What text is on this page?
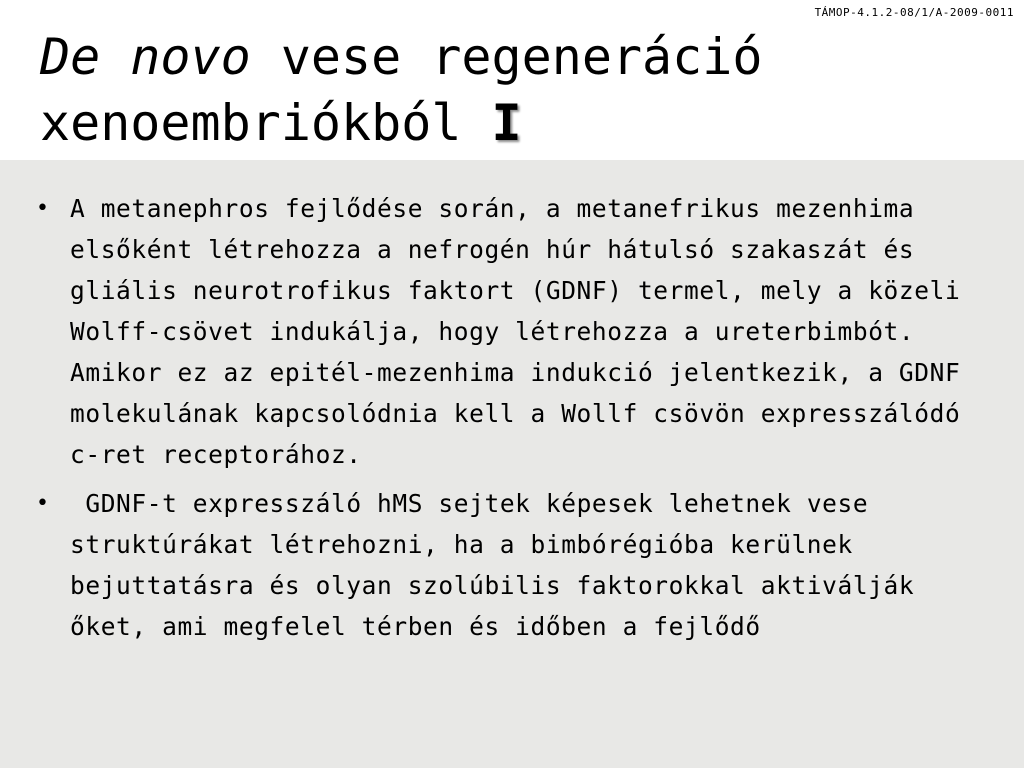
TÁMOP-4.1.2-08/1/A-2009-0011
De novo vese regeneráció
xenoembriókból I
• A metanephros fejlődése során, a metanefrikus mezenhima elsőként létrehozza a nefrogén húr hátulsó szakaszát és gliális neurotrofikus faktort (GDNF) termel, mely a közeli Wolff-csövet indukálja, hogy létrehozza a ureterbimbót. Amikor ez az epitél-mezenhima indukció jelentkezik, a GDNF molekulának kapcsolódnia kell a Wollf csövön expresszálódó  c-ret receptorához.
• GDNF-t expresszáló hMS sejtek képesek lehetnek vese struktúrákat létrehozni, ha a bimbórégióba kerülnek bejuttatásra és olyan szolúbilis faktorokkal aktiválják őket, ami megfelel térben és időben a fejlődő
